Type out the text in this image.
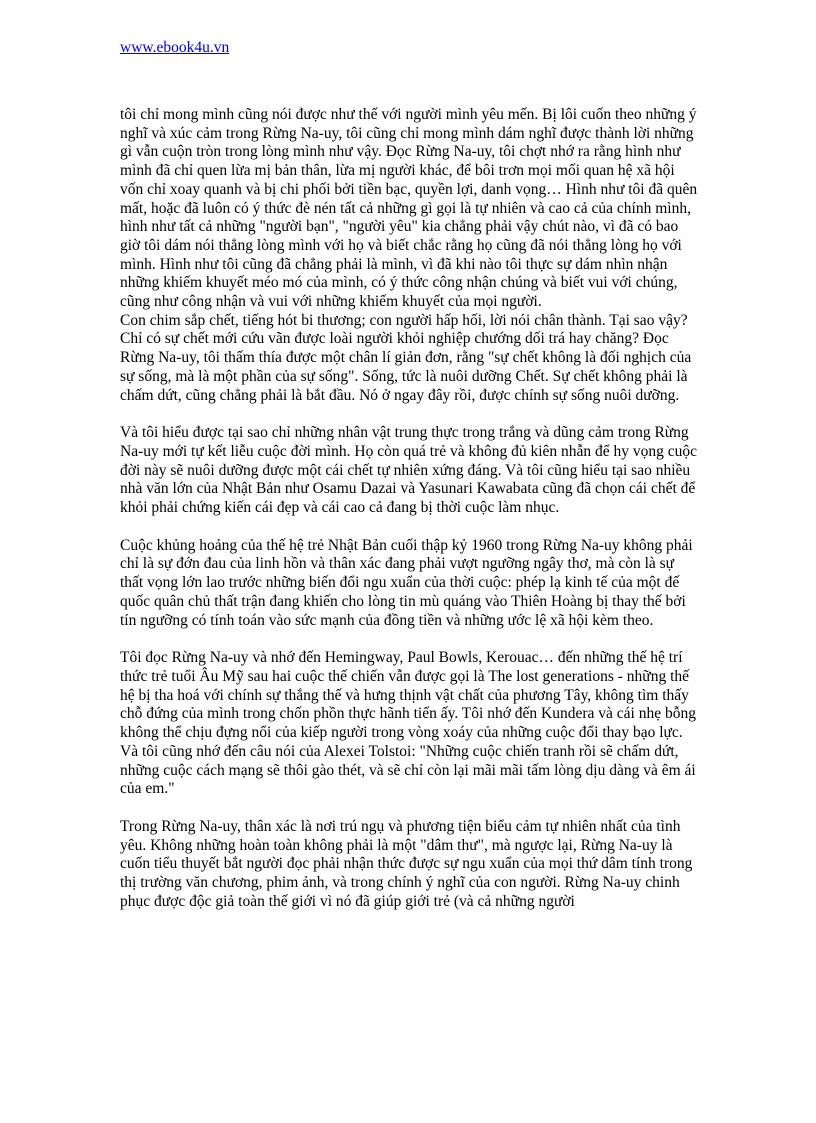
www.ebook4u.vn

tôi chỉ mong mình cũng nói được như thế với người mình yêu mến. Bị lôi cuốn theo những ý nghĩ và xúc cảm trong Rừng Na-uy, tôi cũng chỉ mong mình dám nghĩ được thành lời những gì vẫn cuộn tròn trong lòng mình như vậy. Đọc Rừng Na-uy, tôi chợt nhớ ra rằng hình như mình đã chỉ quen lừa mị bản thân, lừa mị người khác, để bôi trơn mọi mối quan hệ xã hội vốn chỉ xoay quanh và bị chi phối bởi tiền bạc, quyền lợi, danh vọng… Hình như tôi đã quên mất, hoặc đã luôn có ý thức đè nén tất cả những gì gọi là tự nhiên và cao cả của chính mình, hình như tất cả những "người bạn", "người yêu" kia chẳng phải vậy chút nào, vì đã có bao giờ tôi dám nói thẳng lòng mình với họ và biết chắc rằng họ cũng đã nói thẳng lòng họ với mình. Hình như tôi cũng đã chẳng phải là mình, vì đã khi nào tôi thực sự dám nhìn nhận những khiếm khuyết méo mó của mình, có ý thức công nhận chúng và biết vui với chúng, cũng như công nhận và vui với những khiếm khuyết của mọi người.

Con chim sắp chết, tiếng hót bi thương; con người hấp hối, lời nói chân thành. Tại sao vậy? Chỉ có sự chết mới cứu vãn được loài người khỏi nghiệp chướng dối trá hay chăng? Đọc Rừng Na-uy, tôi thấm thía được một chân lí giản đơn, rằng "sự chết không là đối nghịch của sự sống, mà là một phần của sự sống". Sống, tức là nuôi dưỡng Chết. Sự chết không phải là chấm dứt, cũng chẳng phải là bắt đầu. Nó ở ngay đây rồi, được chính sự sống nuôi dưỡng.

Và tôi hiểu được tại sao chỉ những nhân vật trung thực trong trắng và dũng cảm trong Rừng Na-uy mới tự kết liễu cuộc đời mình. Họ còn quá trẻ và không đủ kiên nhẫn để hy vọng cuộc đời này sẽ nuôi dưỡng được một cái chết tự nhiên xứng đáng. Và tôi cũng hiểu tại sao nhiều nhà văn lớn của Nhật Bản như Osamu Dazai và Yasunari Kawabata cũng đã chọn cái chết để khỏi phải chứng kiến cái đẹp và cái cao cả đang bị thời cuộc làm nhục.

Cuộc khủng hoảng của thế hệ trẻ Nhật Bản cuối thập kỷ 1960 trong Rừng Na-uy không phải chỉ là sự đớn đau của linh hồn và thân xác đang phải vượt ngưỡng ngây thơ, mà còn là sự thất vọng lớn lao trước những biến đổi ngu xuẩn của thời cuộc: phép lạ kinh tế của một đế quốc quân chủ thất trận đang khiến cho lòng tin mù quáng vào Thiên Hoàng bị thay thế bởi tín ngưỡng có tính toán vào sức mạnh của đồng tiền và những ước lệ xã hội kèm theo.

Tôi đọc Rừng Na-uy và nhớ đến Hemingway, Paul Bowls, Kerouac… đến những thế hệ trí thức trẻ tuổi Âu Mỹ sau hai cuộc thế chiến vẫn được gọi là The lost generations - những thế hệ bị tha hoá với chính sự thắng thế và hưng thịnh vật chất của phương Tây, không tìm thấy chỗ đứng của mình trong chốn phồn thực hãnh tiến ấy. Tôi nhớ đến Kundera và cái nhẹ bỗng không thể chịu đựng nổi của kiếp người trong vòng xoáy của những cuộc đổi thay bạo lực. Và tôi cũng nhớ đến câu nói của Alexei Tolstoi: "Những cuộc chiến tranh rồi sẽ chấm dứt, những cuộc cách mạng sẽ thôi gào thét, và sẽ chỉ còn lại mãi mãi tấm lòng dịu dàng và êm ái của em."

Trong Rừng Na-uy, thân xác là nơi trú ngụ và phương tiện biểu cảm tự nhiên nhất của tình yêu. Không những hoàn toàn không phải là một "dâm thư", mà ngược lại, Rừng Na-uy là cuốn tiểu thuyết bắt người đọc phải nhận thức được sự ngu xuẩn của mọi thứ dâm tính trong thị trường văn chương, phim ảnh, và trong chính ý nghĩ của con người. Rừng Na-uy chinh phục được độc giả toàn thế giới vì nó đã giúp giới trẻ (và cả những người
